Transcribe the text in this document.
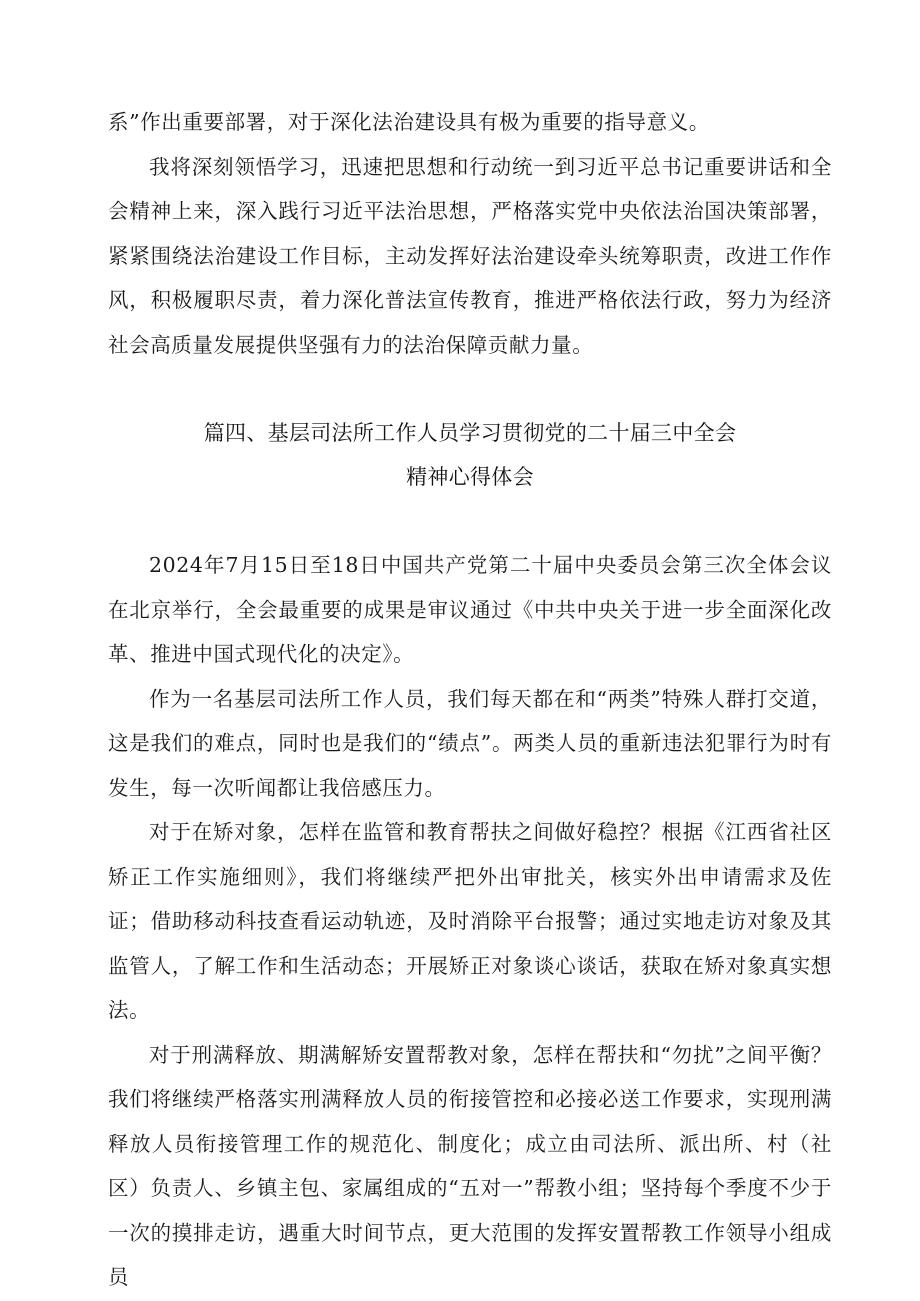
系”作出重要部署，对于深化法治建设具有极为重要的指导意义。

我将深刻领悟学习，迅速把思想和行动统一到习近平总书记重要讲话和全会精神上来，深入践行习近平法治思想，严格落实党中央依法治国决策部署，紧紧围绕法治建设工作目标，主动发挥好法治建设牵头统筹职责，改进工作作风，积极履职尽责，着力深化普法宣传教育，推进严格依法行政，努力为经济社会高质量发展提供坚强有力的法治保障贡献力量。

篇四、基层司法所工作人员学习贯彻党的二十届三中全会
精神心得体会

2024年7月15日至18日中国共产党第二十届中央委员会第三次全体会议在北京举行，全会最重要的成果是审议通过《中共中央关于进一步全面深化改革、推进中国式现代化的决定》。

作为一名基层司法所工作人员，我们每天都在和“两类”特殊人群打交道，这是我们的难点，同时也是我们的“绩点”。两类人员的重新违法犯罪行为时有发生，每一次听闻都让我倍感压力。

对于在矫对象，怎样在监管和教育帮扶之间做好稳控？根据《江西省社区矫正工作实施细则》，我们将继续严把外出审批关，核实外出申请需求及佐证；借助移动科技查看运动轨迹，及时消除平台报警；通过实地走访对象及其监管人，了解工作和生活动态；开展矫正对象谈心谈话，获取在矫对象真实想法。

对于刑满释放、期满解矫安置帮教对象，怎样在帮扶和“勿扰”之间平衡？我们将继续严格落实刑满释放人员的衔接管控和必接必送工作要求，实现刑满释放人员衔接管理工作的规范化、制度化；成立由司法所、派出所、村（社区）负责人、乡镇主包、家属组成的“五对一”帮教小组；坚持每个季度不少于一次的摸排走访，遇重大时间节点，更大范围的发挥安置帮教工作领导小组成员
